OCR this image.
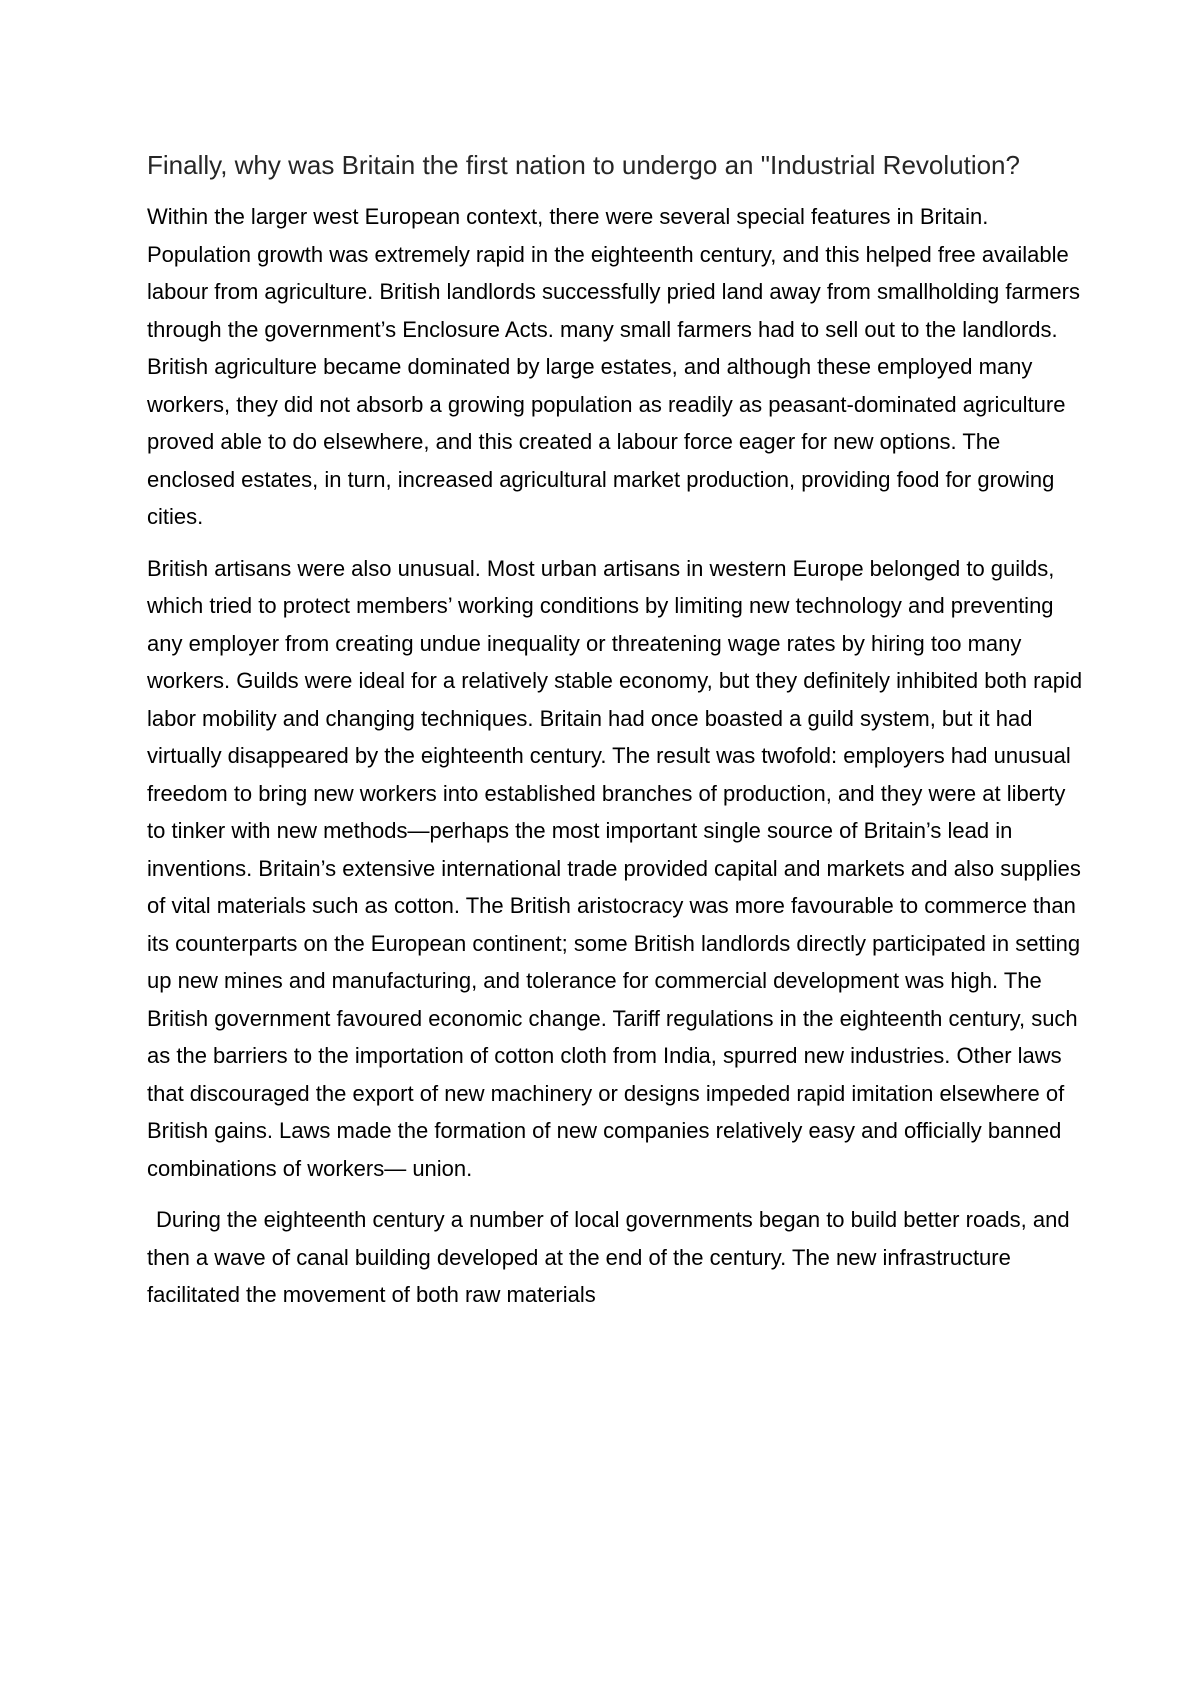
Finally, why was Britain the first nation to undergo an "Industrial Revolution?

Within the larger west European context, there were several special features in Britain. Population growth was extremely rapid in the eighteenth century, and this helped free available labour from agriculture. British landlords successfully pried land away from smallholding farmers through the government’s Enclosure Acts. many small farmers had to sell out to the landlords. British agriculture became dominated by large estates, and although these employed many workers, they did not absorb a growing population as readily as peasant-dominated agriculture proved able to do elsewhere, and this created a labour force eager for new options. The enclosed estates, in turn, increased agricultural market production, providing food for growing cities.

British artisans were also unusual. Most urban artisans in western Europe belonged to guilds, which tried to protect members’ working conditions by limiting new technology and preventing any employer from creating undue inequality or threatening wage rates by hiring too many workers. Guilds were ideal for a relatively stable economy, but they definitely inhibited both rapid labor mobility and changing techniques. Britain had once boasted a guild system, but it had virtually disappeared by the eighteenth century. The result was twofold: employers had unusual freedom to bring new workers into established branches of production, and they were at liberty to tinker with new methods—perhaps the most important single source of Britain’s lead in inventions. Britain’s extensive international trade provided capital and markets and also supplies of vital materials such as cotton. The British aristocracy was more favourable to commerce than its counterparts on the European continent; some British landlords directly participated in setting up new mines and manufacturing, and tolerance for commercial development was high. The British government favoured economic change. Tariff regulations in the eighteenth century, such as the barriers to the importation of cotton cloth from India, spurred new industries. Other laws that discouraged the export of new machinery or designs impeded rapid imitation elsewhere of British gains. Laws made the formation of new companies relatively easy and officially banned combinations of workers— union.

During the eighteenth century a number of local governments began to build better roads, and then a wave of canal building developed at the end of the century. The new infrastructure facilitated the movement of both raw materials
